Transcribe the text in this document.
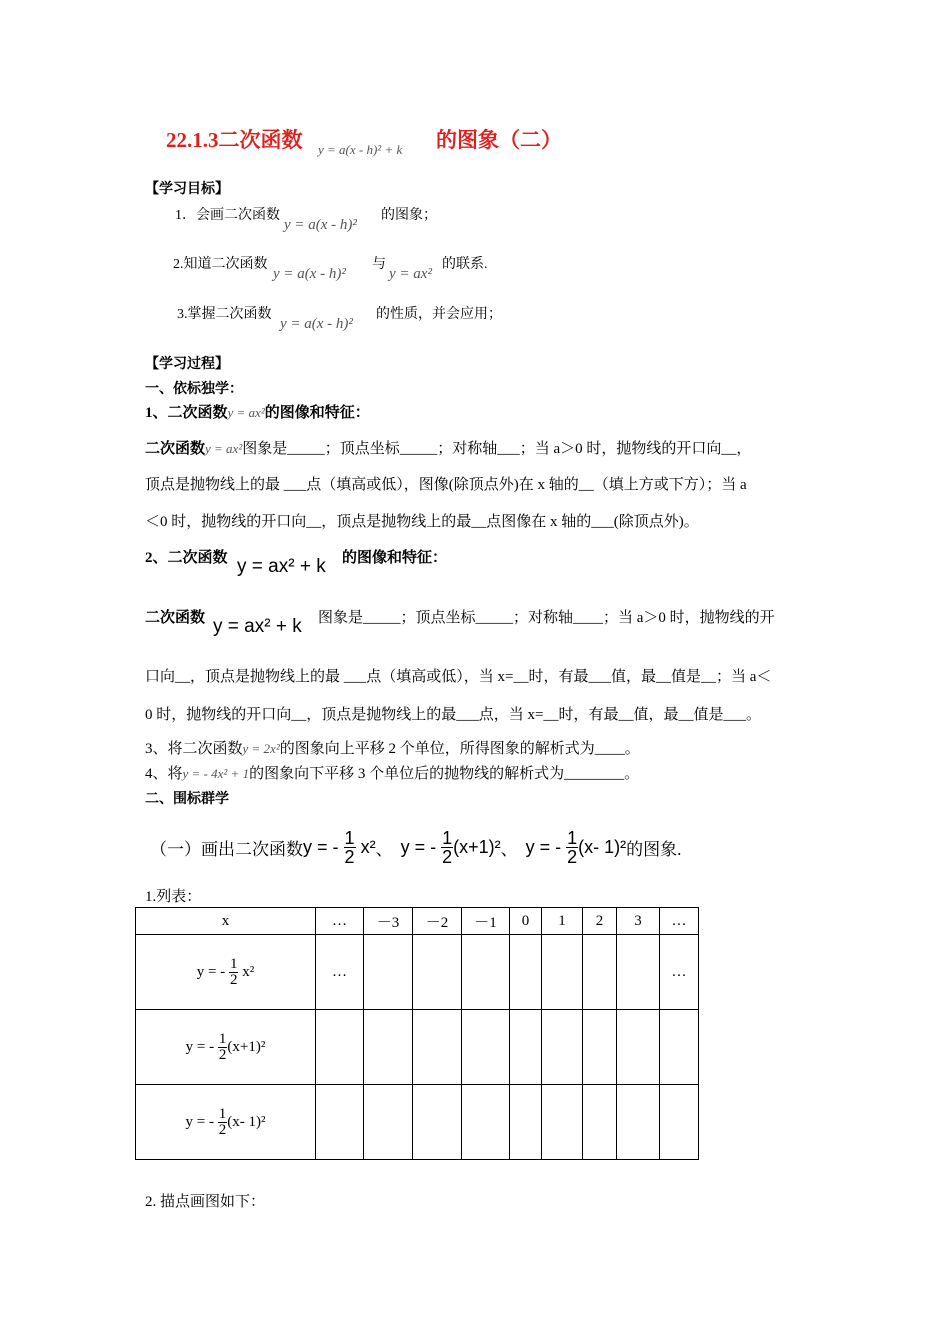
22.1.3二次函数 y = a(x - h)² + k 的图象（二）
【学习目标】
1．会画二次函数
y = a(x - h)²
的图象；
2.知道二次函数
y = a(x - h)²
与
y = ax²
的联系.
3.掌握二次函数
y = a(x - h)²
的性质，并会应用；
【学习过程】
一、依标独学：
1、二次函数y = ax²的图像和特征：
二次函数y = ax²图象是_____；顶点坐标_____；对称轴___；当 a＞0 时，抛物线的开口向__，
顶点是抛物线上的最 ___点（填高或低），图像(除顶点外)在 x 轴的__（填上方或下方）；当 a
＜0 时，抛物线的开口向__，顶点是抛物线上的最__点图像在 x 轴的___(除顶点外)。
2、二次函数 y = ax² + k 的图像和特征：
二次函数 y = ax² + k 图象是_____；顶点坐标_____；对称轴____；当 a＞0 时，抛物线的开
口向__，顶点是抛物线上的最 ___点（填高或低），当 x=__时，有最___值，最__值是__；当 a＜
0 时，抛物线的开口向__，顶点是抛物线上的最___点，当 x=__时，有最__值，最__值是___。
3、将二次函数y = 2x²的图象向上平移 2 个单位，所得图象的解析式为____。
4、将y = - 4x² + 1的图象向下平移 3 个单位后的抛物线的解析式为________。
二、围标群学
（一）画出二次函数 y = -
$\frac{1}{2}$
x² 、 y = -
$\frac{1}{2} (x+1)^2$ 、 y = -
$\frac{1}{2} (x-$ 1)² 的图象.
1.列表：
x	…	－3	－2	－1	0	1	2	3	…

y = -
$\frac{1}{2}$
x²	…								…

y = -
$\frac{1}{2} (x+1)^2$									

y = -
$\frac{1}{2} (x-$ 1)²									

2. 描点画图如下：
